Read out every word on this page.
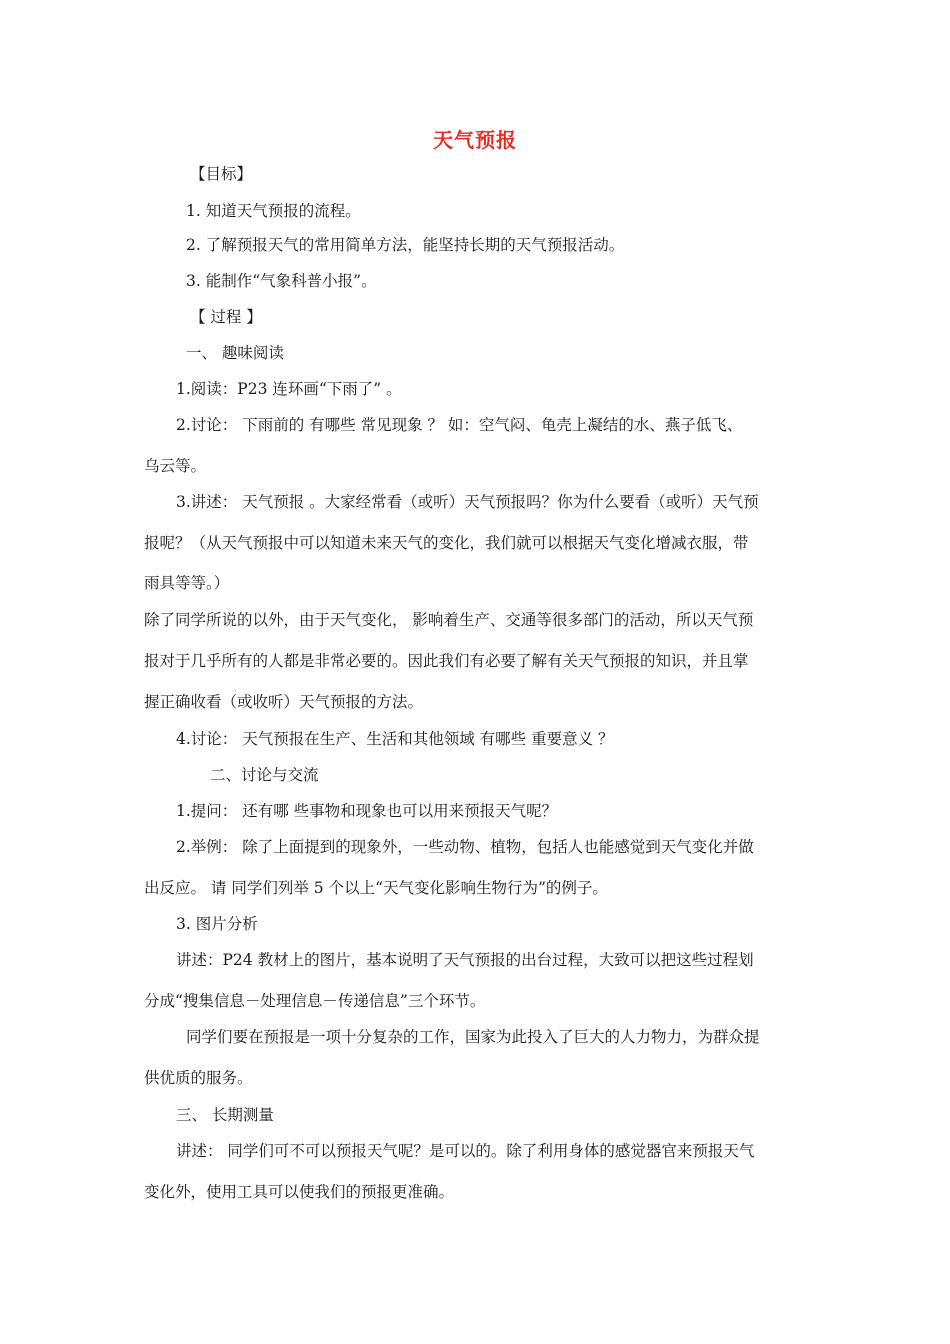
天气预报
【目标】
1. 知道天气预报的流程。
2. 了解预报天气的常用简单方法，能坚持长期的天气预报活动。
3. 能制作“气象科普小报”。
【 过程 】
一、 趣味阅读
1.阅读：P23 连环画“下雨了” 。
2.讨论： 下雨前的 有哪些 常见现象 ？ 如：空气闷、龟壳上凝结的水、燕子低飞、
乌云等。
3.讲述： 天气预报 。大家经常看（或听）天气预报吗？你为什么要看（或听）天气预
报呢？（从天气预报中可以知道未来天气的变化，我们就可以根据天气变化增减衣服，带
雨具等等。）
除了同学所说的以外，由于天气变化， 影响着生产、交通等很多部门的活动，所以天气预
报对于几乎所有的人都是非常必要的。因此我们有必要了解有关天气预报的知识，并且掌
握正确收看（或收听）天气预报的方法。
4.讨论： 天气预报在生产、生活和其他领域 有哪些 重要意义 ？
二、讨论与交流
1.提问： 还有哪 些事物和现象也可以用来预报天气呢？
2.举例： 除了上面提到的现象外，一些动物、植物，包括人也能感觉到天气变化并做
出反应。 请 同学们列举 5 个以上“天气变化影响生物行为”的例子。
3. 图片分析
讲述：P24 教材上的图片，基本说明了天气预报的出台过程，大致可以把这些过程划
分成“搜集信息－处理信息－传递信息”三个环节。
同学们要在预报是一项十分复杂的工作，国家为此投入了巨大的人力物力，为群众提
供优质的服务。
三、 长期测量
讲述： 同学们可不可以预报天气呢？是可以的。除了利用身体的感觉器官来预报天气
变化外，使用工具可以使我们的预报更准确。
